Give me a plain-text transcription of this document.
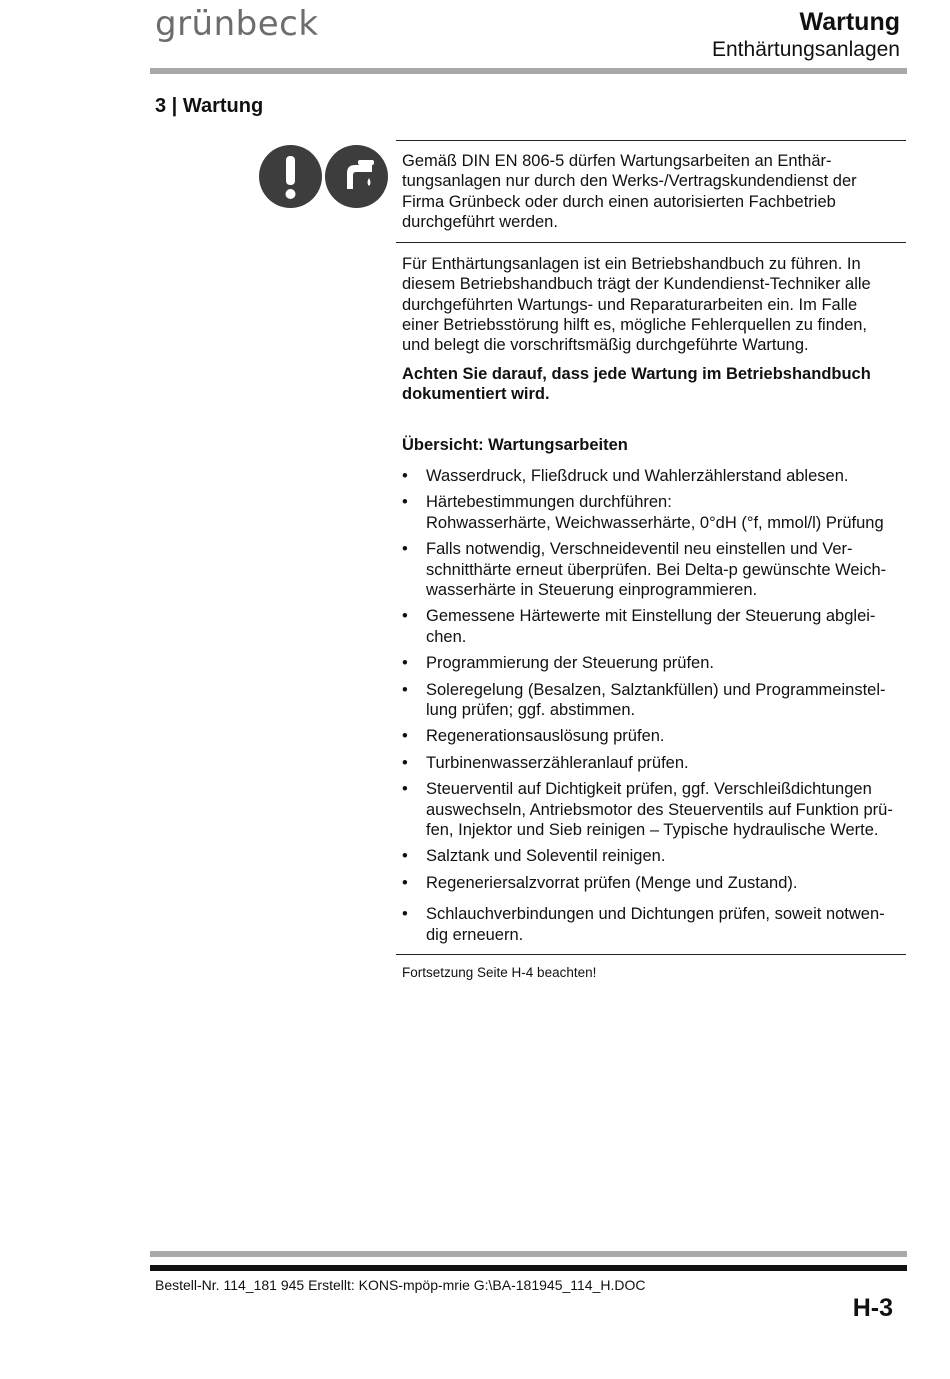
grünbeck	Wartung
Enthärtungsanlagen
3 | Wartung
Gemäß DIN EN 806-5 dürfen Wartungsarbeiten an Enthär-
tungsanlagen nur durch den Werks-/Vertragskundendienst der
Firma Grünbeck oder durch einen autorisierten Fachbetrieb
durchgeführt werden.
Für Enthärtungsanlagen ist ein Betriebshandbuch zu führen. In
diesem Betriebshandbuch trägt der Kundendienst-Techniker alle
durchgeführten Wartungs- und Reparaturarbeiten ein. Im Falle
einer Betriebsstörung hilft es, mögliche Fehlerquellen zu finden,
und belegt die vorschriftsmäßig durchgeführte Wartung.
Achten Sie darauf, dass jede Wartung im Betriebshandbuch
dokumentiert wird.
Übersicht: Wartungsarbeiten
• Wasserdruck, Fließdruck und Wahlerzählerstand ablesen.
• Härtebestimmungen durchführen:
Rohwasserhärte, Weichwasserhärte, 0°dH (°f, mmol/l) Prüfung
• Falls notwendig, Verschneideventil neu einstellen und Ver-
schnitthärte erneut überprüfen. Bei Delta-p gewünschte Weich-
wasserhärte in Steuerung einprogrammieren.
• Gemessene Härtewerte mit Einstellung der Steuerung abglei-
chen.
• Programmierung der Steuerung prüfen.
• Soleregelung (Besalzen, Salztankfüllen) und Programmeinstel-
lung prüfen; ggf. abstimmen.
• Regenerationsauslösung prüfen.
• Turbinenwasserzähleranlauf prüfen.
• Steuerventil auf Dichtigkeit prüfen, ggf. Verschleißdichtungen
auswechseln, Antriebsmotor des Steuerventils auf Funktion prü-
fen, Injektor und Sieb reinigen – Typische hydraulische Werte.
• Salztank und Soleventil reinigen.
• Regeneriersalzvorrat prüfen (Menge und Zustand).
• Schlauchverbindungen und Dichtungen prüfen, soweit notwen-
dig erneuern.
Fortsetzung Seite H-4 beachten!
Bestell-Nr. 114_181 945 Erstellt: KONS-mpöp-mrie G:\BA-181945_114_H.DOC
H-3
